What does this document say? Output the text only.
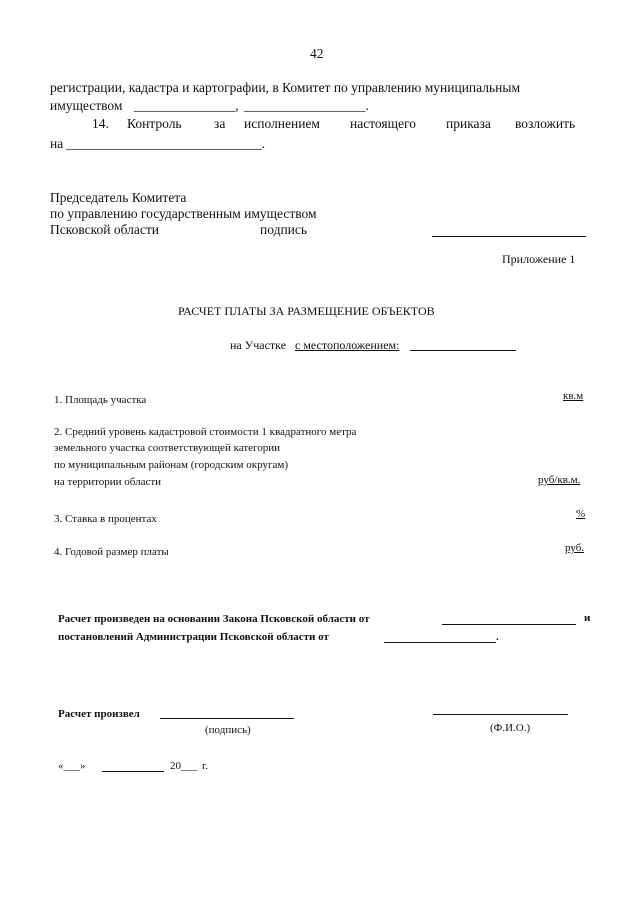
42
регистрации, кадастра и картографии, в Комитет по управлению муниципальным
имуществом _______________, __________________.
14. Контроль за исполнением настоящего приказа возложить
на _____________________________.
Председатель Комитета
по управлению государственным имуществом
Псковской области	подпись
Приложение 1
РАСЧЕТ ПЛАТЫ ЗА РАЗМЕЩЕНИЕ ОБЪЕКТОВ
на Участке с местоположением:
1. Площадь участка	кв.м
2. Средний уровень кадастровой стоимости 1 квадратного метра
земельного участка соответствующей категории
по муниципальным районам (городским округам)
на территории области	руб/кв.м.
3. Ставка в процентах	%
4. Годовой размер платы	руб.
Расчет произведен на основании Закона Псковской области от	и
постановлений Администрации Псковской области от	.
Расчет произвел
(подпись)	(Ф.И.О.)
«___»	20___ г.
